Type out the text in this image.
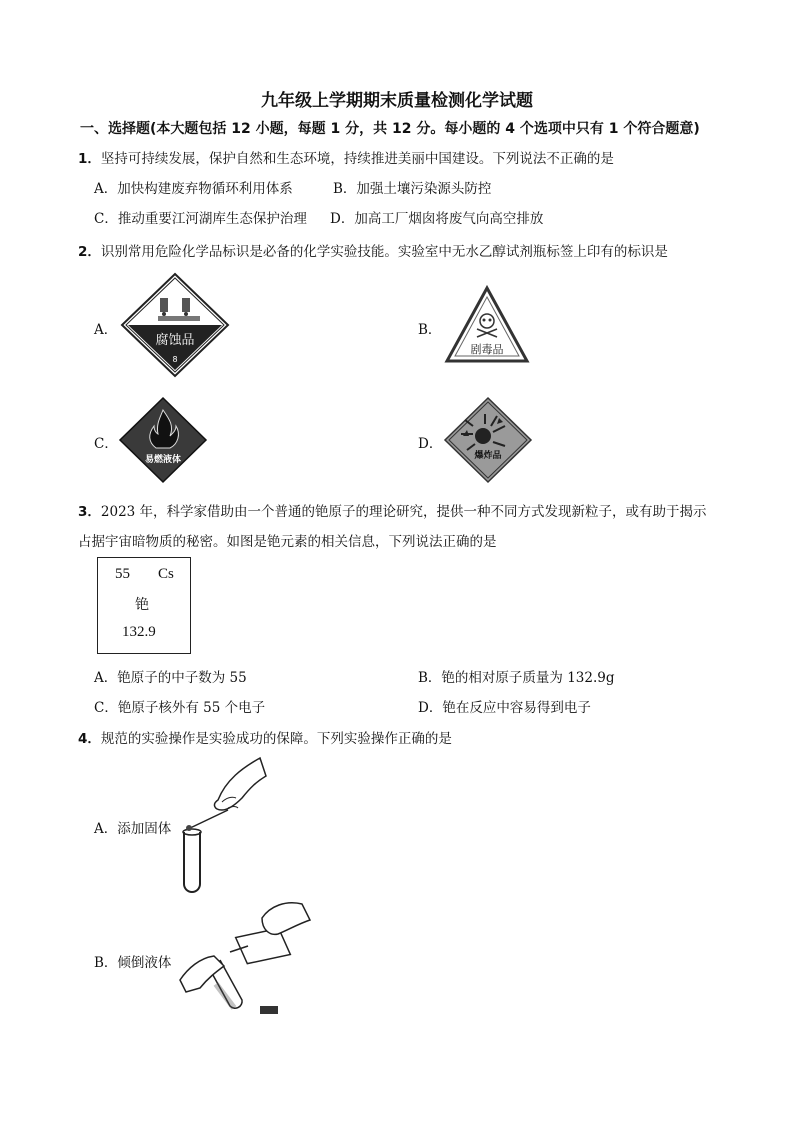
九年级上学期期末质量检测化学试题
一、选择题(本大题包括 12 小题，每题 1 分，共 12 分。每小题的 4 个选项中只有 1 个符合题意)
1．坚持可持续发展，保护自然和生态环境，持续推进美丽中国建设。下列说法不正确的是
A．加快构建废弃物循环利用体系	B．加强土壤污染源头防控
C．推动重要江河湖库生态保护治理 D．加高工厂烟囱将废气向高空排放
2．识别常用危险化学品标识是必备的化学实验技能。实验室中无水乙醇试剂瓶标签上印有的标识是
A．
腐蚀品
8
B．
剧毒品
C．
易燃液体
D．
爆炸品
3．2023 年，科学家借助由一个普通的铯原子的理论研究，提供一种不同方式发现新粒子，或有助于揭示
占据宇宙暗物质的秘密。如图是铯元素的相关信息，下列说法正确的是
55 Cs
铯
132.9
A．铯原子的中子数为 55	B．铯的相对原子质量为 132.9g
C．铯原子核外有 55 个电子	D．铯在反应中容易得到电子
4．规范的实验操作是实验成功的保障。下列实验操作正确的是
A．添加固体
B．倾倒液体
